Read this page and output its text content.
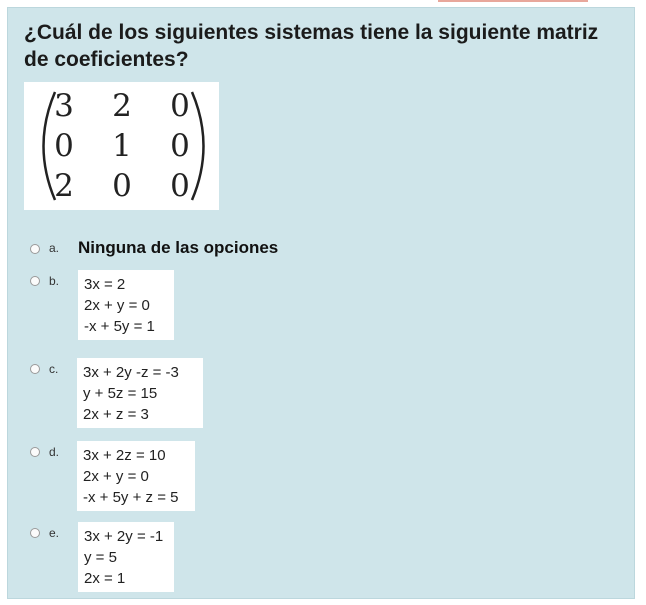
¿Cuál de los siguientes sistemas tiene la siguiente matriz de coeficientes?

3 2 0
0 1 0
2 0 0
a. Ninguna de las opciones
b. 3x = 2
2x + y = 0
-x + 5y = 1
c. 3x + 2y -z = -3
y + 5z = 15
2x + z = 3
d. 3x + 2z = 10
2x + y = 0
-x + 5y + z = 5
e. 3x + 2y = -1
y = 5
2x = 1
